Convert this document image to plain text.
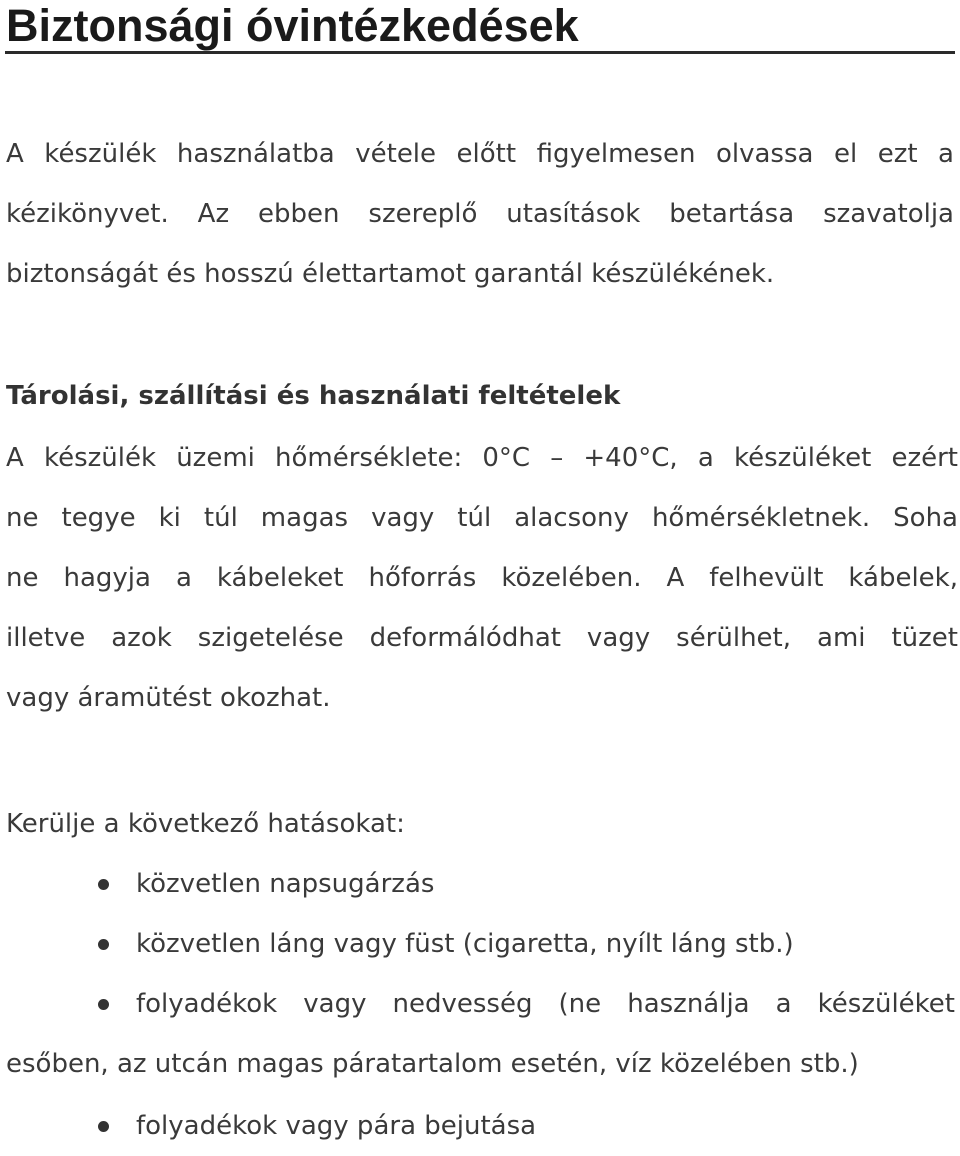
Biztonsági óvintézkedések

A készülék használatba vétele előtt figyelmesen olvassa el ezt a
kézikönyvet. Az ebben szereplő utasítások betartása szavatolja
biztonságát és hosszú élettartamot garantál készülékének.

Tárolási, szállítási és használati feltételek

A készülék üzemi hőmérséklete: 0°C – +40°C, a készüléket ezért
ne tegye ki túl magas vagy túl alacsony hőmérsékletnek. Soha
ne hagyja a kábeleket hőforrás közelében. A felhevült kábelek,
illetve azok szigetelése deformálódhat vagy sérülhet, ami tüzet
vagy áramütést okozhat.

Kerülje a következő hatásokat:

közvetlen napsugárzás
közvetlen láng vagy füst (cigaretta, nyílt láng stb.)
folyadékok vagy nedvesség (ne használja a készüléket
esőben, az utcán magas páratartalom esetén, víz közelében stb.)
folyadékok vagy pára bejutása
